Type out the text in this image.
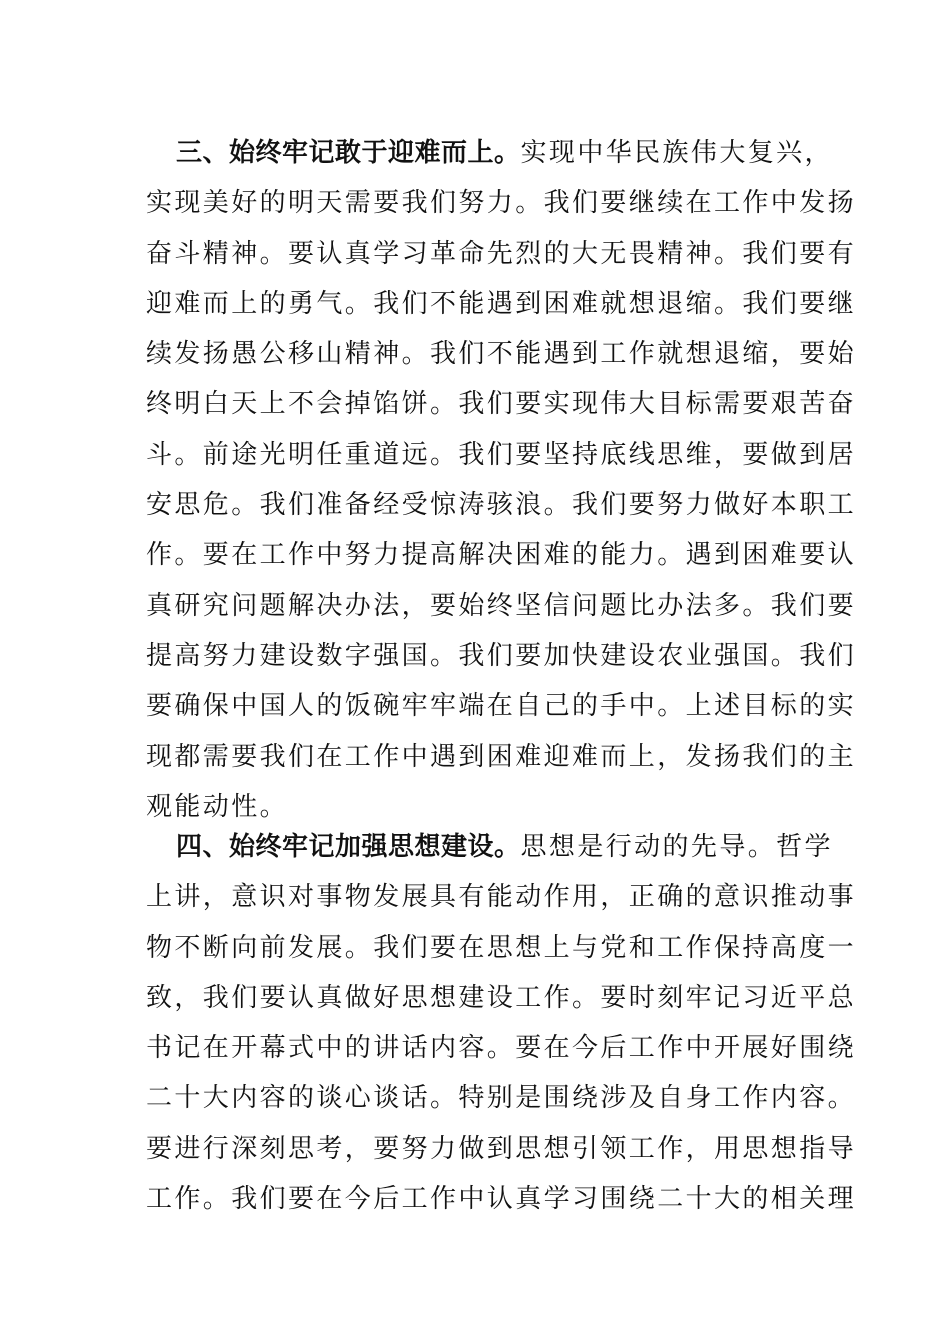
三、始终牢记敢于迎难而上。实现中华民族伟大复兴，
实现美好的明天需要我们努力。我们要继续在工作中发扬
奋斗精神。要认真学习革命先烈的大无畏精神。我们要有
迎难而上的勇气。我们不能遇到困难就想退缩。我们要继
续发扬愚公移山精神。我们不能遇到工作就想退缩，要始
终明白天上不会掉馅饼。我们要实现伟大目标需要艰苦奋
斗。前途光明任重道远。我们要坚持底线思维，要做到居
安思危。我们准备经受惊涛骇浪。我们要努力做好本职工
作。要在工作中努力提高解决困难的能力。遇到困难要认
真研究问题解决办法，要始终坚信问题比办法多。我们要
提高努力建设数字强国。我们要加快建设农业强国。我们
要确保中国人的饭碗牢牢端在自己的手中。上述目标的实
现都需要我们在工作中遇到困难迎难而上，发扬我们的主
观能动性。
四、始终牢记加强思想建设。思想是行动的先导。哲学
上讲，意识对事物发展具有能动作用，正确的意识推动事
物不断向前发展。我们要在思想上与党和工作保持高度一
致，我们要认真做好思想建设工作。要时刻牢记习近平总
书记在开幕式中的讲话内容。要在今后工作中开展好围绕
二十大内容的谈心谈话。特别是围绕涉及自身工作内容。
要进行深刻思考，要努力做到思想引领工作，用思想指导
工作。我们要在今后工作中认真学习围绕二十大的相关理
